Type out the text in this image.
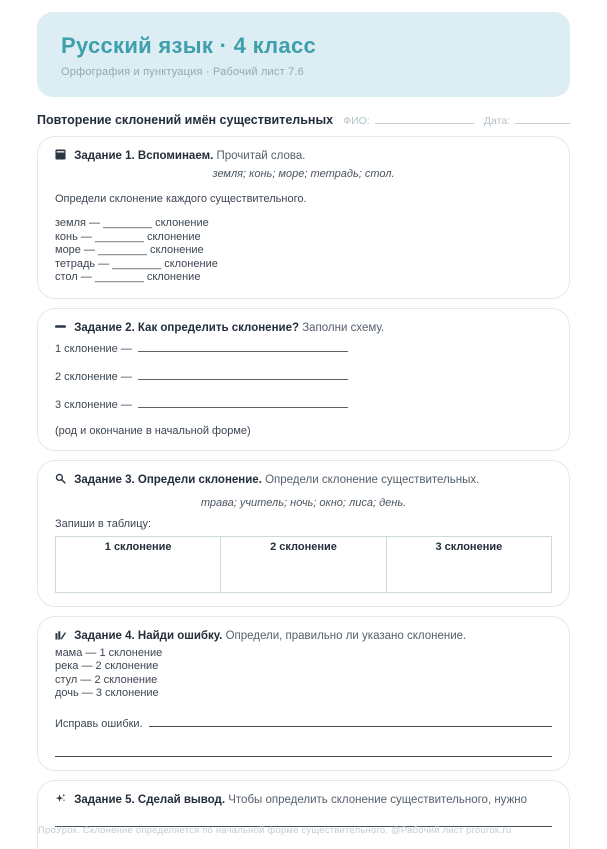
Русский язык · 4 класс
Орфография и пунктуация · Рабочий лист 7.6
Повторение склонений имён существительных ФИО:	Дата:
Задание 1. Вспоминаем. Прочитай слова.
земля; конь; море; тетрадь; стол.
Определи склонение каждого существительного.
земля — ________ склонение
конь — ________ склонение
море — ________ склонение
тетрадь — ________ склонение
стол — ________ склонение
Задание 2. Как определить склонение? Заполни схему.
1 склонение —
2 склонение —
3 склонение —
(род и окончание в начальной форме)
Задание 3. Определи склонение. Определи склонение существительных.
трава; учитель; ночь; окно; лиса; день.
Запиши в таблицу:
1 склонение	2 склонение	3 склонение
Задание 4. Найди ошибку. Определи, правильно ли указано склонение.
мама — 1 склонение
река — 2 склонение
стул — 2 склонение
дочь — 3 склонение
Исправь ошибки.
Задание 5. Сделай вывод. Чтобы определить склонение существительного, нужно
ПроУрок. Склонение определяется по начальной форме существительного. @Рабочий лист prourok.ru
